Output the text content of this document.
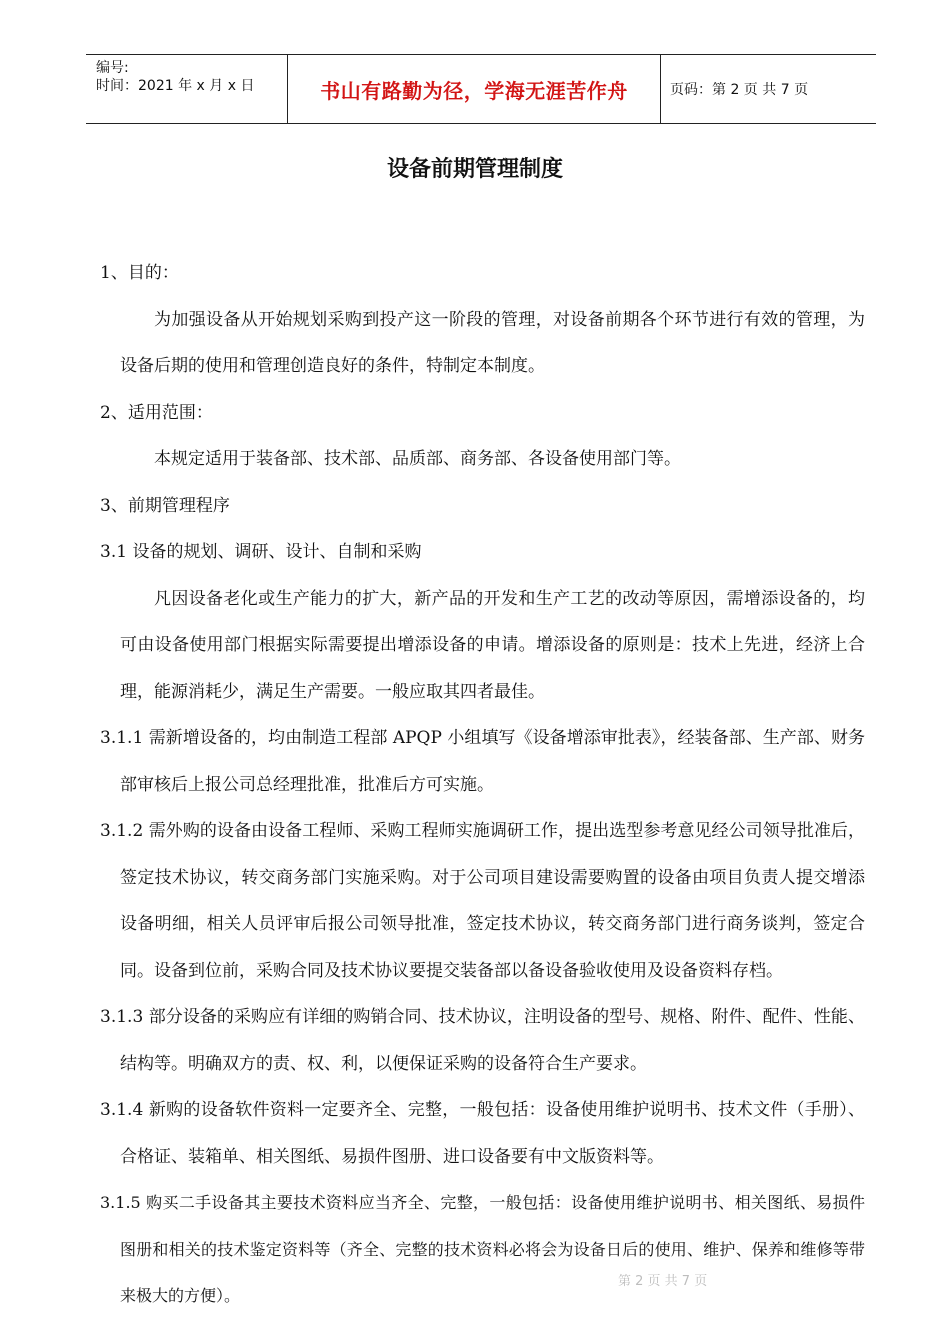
编号:
时间：2021 年 x 月 x 日	书山有路勤为径，学海无涯苦作舟	页码：第 2 页 共 7 页
设备前期管理制度

1、目的：

为加强设备从开始规划采购到投产这一阶段的管理，对设备前期各个环节进行有效的管理，为设备后期的使用和管理创造良好的条件，特制定本制度。

2、适用范围：

本规定适用于装备部、技术部、品质部、商务部、各设备使用部门等。

3、前期管理程序

3.1 设备的规划、调研、设计、自制和采购

凡因设备老化或生产能力的扩大，新产品的开发和生产工艺的改动等原因，需增添设备的，均可由设备使用部门根据实际需要提出增添设备的申请。增添设备的原则是：技术上先进，经济上合理，能源消耗少，满足生产需要。一般应取其四者最佳。

3.1.1 需新增设备的，均由制造工程部 APQP 小组填写《设备增添审批表》，经装备部、生产部、财务部审核后上报公司总经理批准，批准后方可实施。

3.1.2 需外购的设备由设备工程师、采购工程师实施调研工作，提出选型参考意见经公司领导批准后，签定技术协议，转交商务部门实施采购。对于公司项目建设需要购置的设备由项目负责人提交增添设备明细，相关人员评审后报公司领导批准，签定技术协议，转交商务部门进行商务谈判，签定合同。设备到位前，采购合同及技术协议要提交装备部以备设备验收使用及设备资料存档。

3.1.3 部分设备的采购应有详细的购销合同、技术协议，注明设备的型号、规格、附件、配件、性能、结构等。明确双方的责、权、利，以便保证采购的设备符合生产要求。

3.1.4 新购的设备软件资料一定要齐全、完整，一般包括：设备使用维护说明书、技术文件（手册）、合格证、装箱单、相关图纸、易损件图册、进口设备要有中文版资料等。

3.1.5 购买二手设备其主要技术资料应当齐全、完整，一般包括：设备使用维护说明书、相关图纸、易损件图册和相关的技术鉴定资料等（齐全、完整的技术资料必将会为设备日后的使用、维护、保养和维修等带来极大的方便）。

第 2 页 共 7 页
